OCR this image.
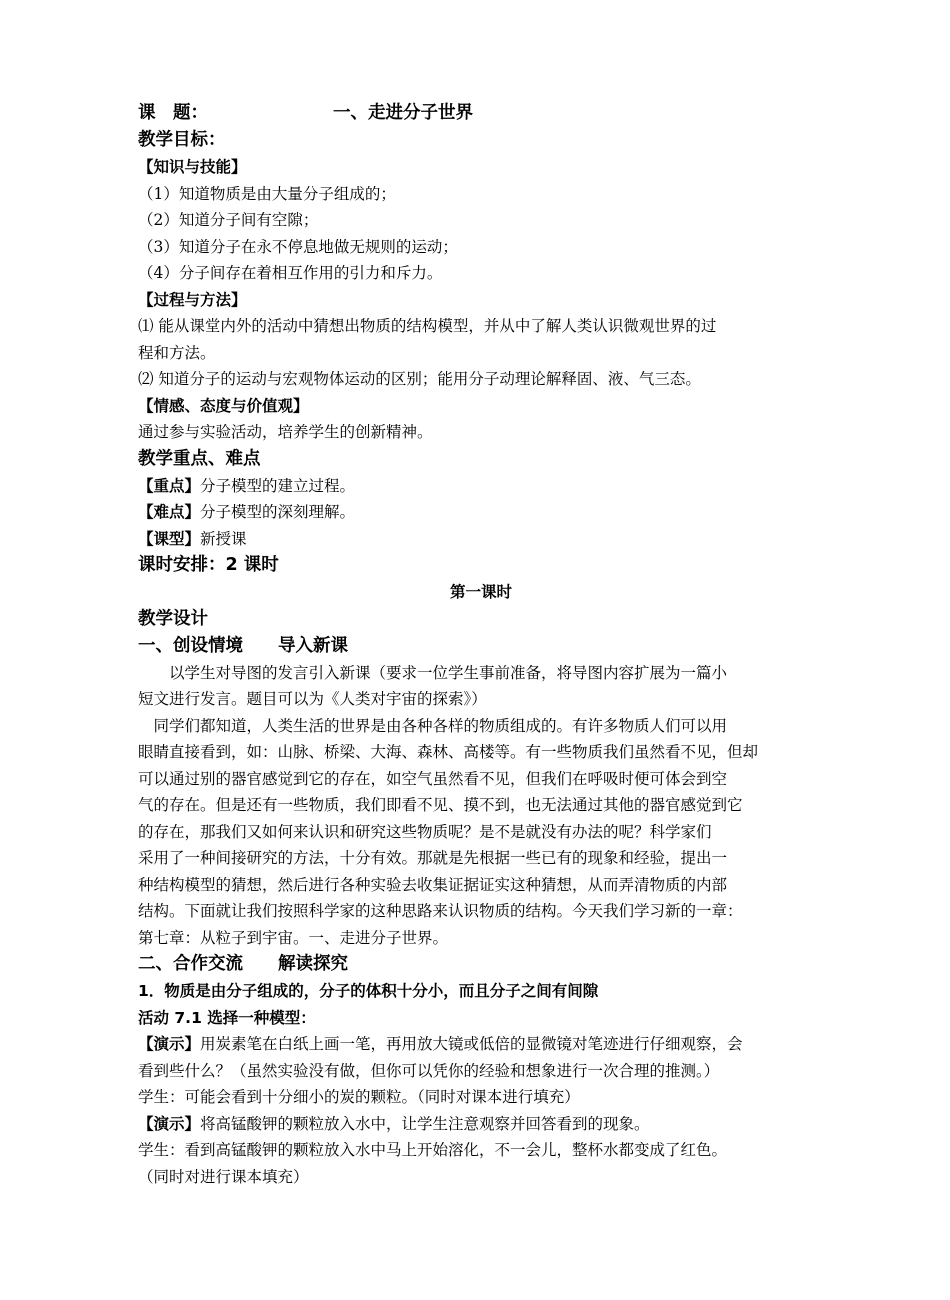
课　题：	一、走进分子世界
教学目标：
【知识与技能】
（1）知道物质是由大量分子组成的；
（2）知道分子间有空隙；
（3）知道分子在永不停息地做无规则的运动；
（4）分子间存在着相互作用的引力和斥力。
【过程与方法】
⑴ 能从课堂内外的活动中猜想出物质的结构模型，并从中了解人类认识微观世界的过
程和方法。
⑵ 知道分子的运动与宏观物体运动的区别；能用分子动理论解释固、液、气三态。
【情感、态度与价值观】
通过参与实验活动，培养学生的创新精神。
教学重点、难点
【重点】分子模型的建立过程。
【难点】分子模型的深刻理解。
【课型】新授课
课时安排：2 课时
第一课时
教学设计
一、创设情境　　导入新课
　　以学生对导图的发言引入新课（要求一位学生事前准备，将导图内容扩展为一篇小
短文进行发言。题目可以为《人类对宇宙的探索》）
　同学们都知道，人类生活的世界是由各种各样的物质组成的。有许多物质人们可以用
眼睛直接看到，如：山脉、桥梁、大海、森林、高楼等。有一些物质我们虽然看不见，但却
可以通过别的器官感觉到它的存在，如空气虽然看不见，但我们在呼吸时便可体会到空
气的存在。但是还有一些物质，我们即看不见、摸不到，也无法通过其他的器官感觉到它
的存在，那我们又如何来认识和研究这些物质呢？是不是就没有办法的呢？科学家们
采用了一种间接研究的方法，十分有效。那就是先根据一些已有的现象和经验，提出一
种结构模型的猜想，然后进行各种实验去收集证据证实这种猜想，从而弄清物质的内部
结构。下面就让我们按照科学家的这种思路来认识物质的结构。今天我们学习新的一章：
第七章：从粒子到宇宙。一、走进分子世界。
二、合作交流　　解读探究
1．物质是由分子组成的，分子的体积十分小，而且分子之间有间隙
活动 7.1 选择一种模型：
【演示】用炭素笔在白纸上画一笔，再用放大镜或低倍的显微镜对笔迹进行仔细观察，会
看到些什么？（虽然实验没有做，但你可以凭你的经验和想象进行一次合理的推测。）
学生：可能会看到十分细小的炭的颗粒。（同时对课本进行填充）
【演示】将高锰酸钾的颗粒放入水中，让学生注意观察并回答看到的现象。
学生：看到高锰酸钾的颗粒放入水中马上开始溶化，不一会儿，整杯水都变成了红色。
（同时对进行课本填充）
